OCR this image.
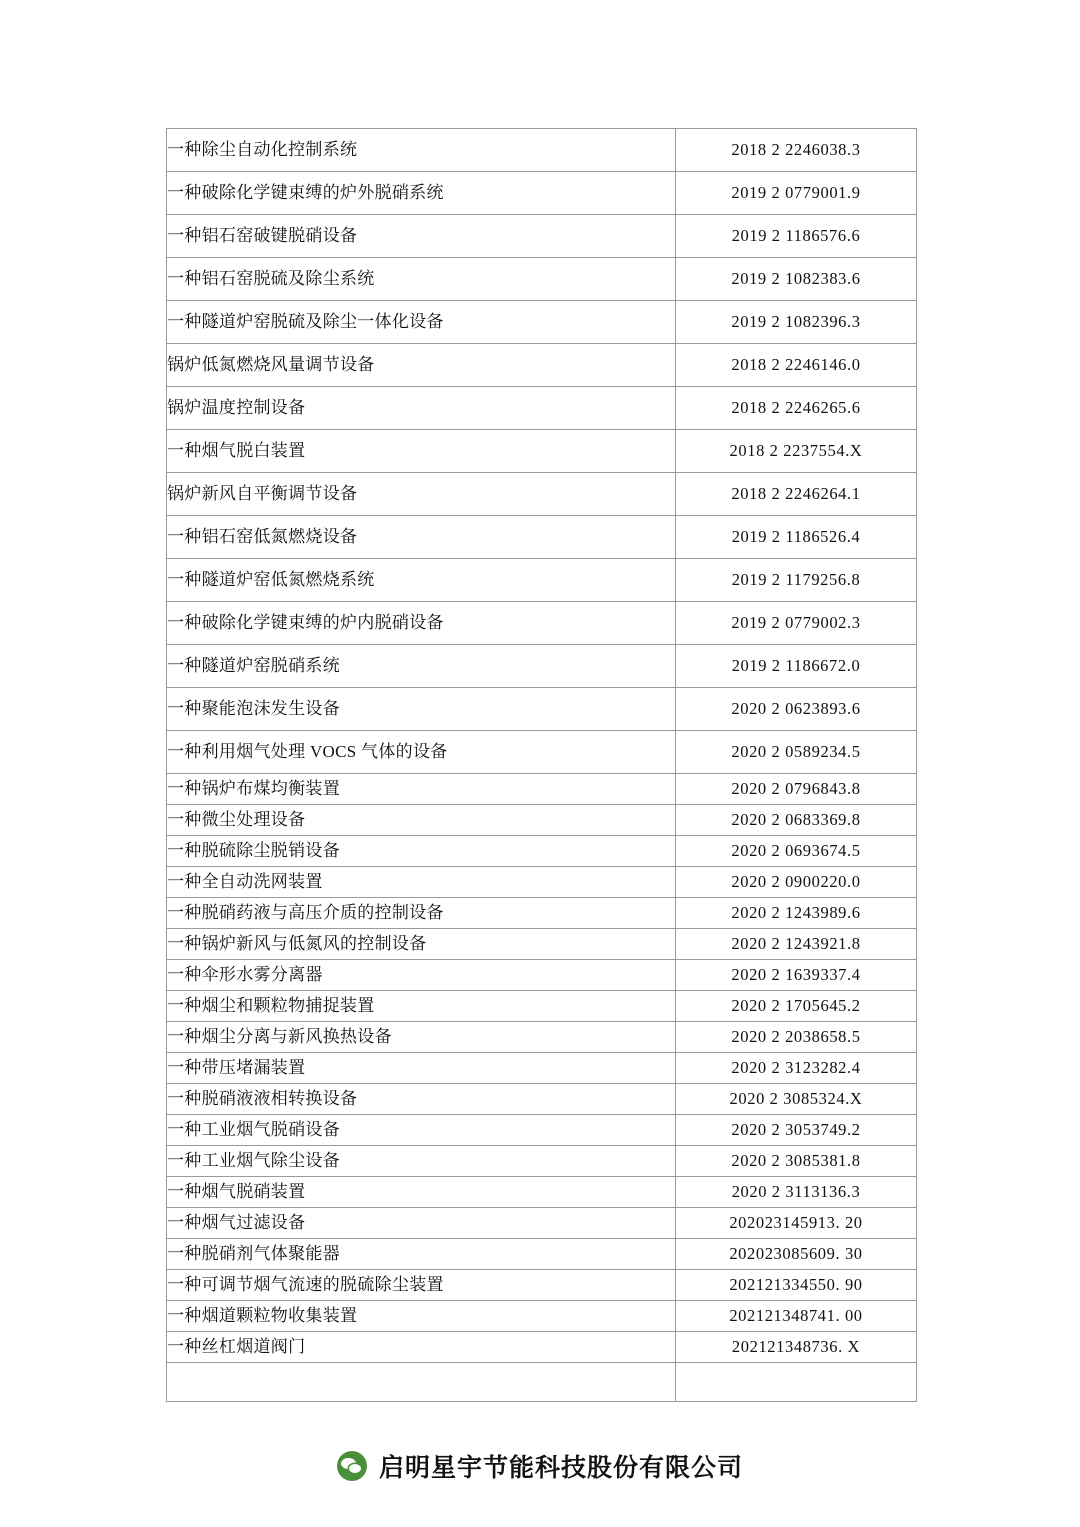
一种除尘自动化控制系统	2018 2 2246038.3
一种破除化学键束缚的炉外脱硝系统	2019 2 0779001.9
一种铝石窑破键脱硝设备	2019 2 1186576.6
一种铝石窑脱硫及除尘系统	2019 2 1082383.6
一种隧道炉窑脱硫及除尘一体化设备	2019 2 1082396.3
锅炉低氮燃烧风量调节设备	2018 2 2246146.0
锅炉温度控制设备	2018 2 2246265.6
一种烟气脱白装置	2018 2 2237554.X
锅炉新风自平衡调节设备	2018 2 2246264.1
一种铝石窑低氮燃烧设备	2019 2 1186526.4
一种隧道炉窑低氮燃烧系统	2019 2 1179256.8
一种破除化学键束缚的炉内脱硝设备	2019 2 0779002.3
一种隧道炉窑脱硝系统	2019 2 1186672.0
一种聚能泡沫发生设备	2020 2 0623893.6
一种利用烟气处理 VOCS 气体的设备	2020 2 0589234.5
一种锅炉布煤均衡装置	2020 2 0796843.8
一种微尘处理设备	2020 2 0683369.8
一种脱硫除尘脱销设备	2020 2 0693674.5
一种全自动洗网装置	2020 2 0900220.0
一种脱硝药液与高压介质的控制设备	2020 2 1243989.6
一种锅炉新风与低氮风的控制设备	2020 2 1243921.8
一种伞形水雾分离器	2020 2 1639337.4
一种烟尘和颗粒物捕捉装置	2020 2 1705645.2
一种烟尘分离与新风换热设备	2020 2 2038658.5
一种带压堵漏装置	2020 2 3123282.4
一种脱硝液液相转换设备	2020 2 3085324.X
一种工业烟气脱硝设备	2020 2 3053749.2
一种工业烟气除尘设备	2020 2 3085381.8
一种烟气脱硝装置	2020 2 3113136.3
一种烟气过滤设备	202023145913. 20
一种脱硝剂气体聚能器	202023085609. 30
一种可调节烟气流速的脱硫除尘装置	202121334550. 90
一种烟道颗粒物收集装置	202121348741. 00
一种丝杠烟道阀门	202121348736. X

启明星宇节能科技股份有限公司
